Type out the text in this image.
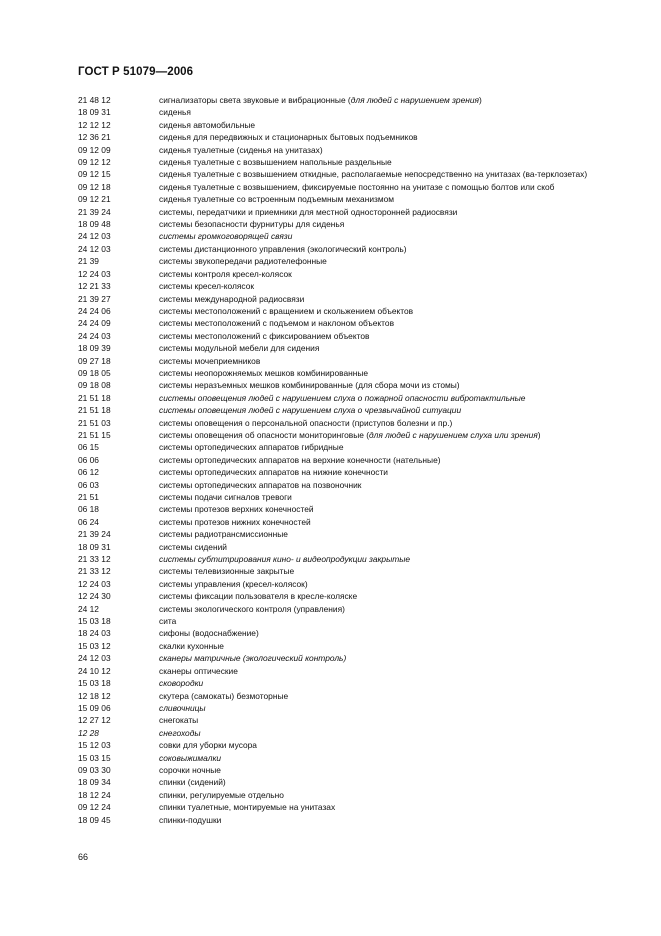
ГОСТ Р 51079—2006
21 48 12	сигнализаторы света звуковые и вибрационные (для людей с нарушением зрения)
18 09 31	сиденья
12 12 12	сиденья автомобильные
12 36 21	сиденья для передвижных и стационарных бытовых подъемников
09 12 09	сиденья туалетные (сиденья на унитазах)
09 12 12	сиденья туалетные с возвышением напольные раздельные
09 12 15	сиденья туалетные с возвышением откидные, располагаемые непосредственно на унитазах (ва-терклозетах)
09 12 18	сиденья туалетные с возвышением, фиксируемые постоянно на унитазе с помощью болтов или скоб
09 12 21	сиденья туалетные со встроенным подъемным механизмом
21 39 24	системы, передатчики и приемники для местной односторонней радиосвязи
18 09 48	системы безопасности фурнитуры для сиденья
24 12 03	системы громкоговорящей связи
24 12 03	системы дистанционного управления (экологический контроль)
21 39	системы звукопередачи радиотелефонные
12 24 03	системы контроля кресел-колясок
12 21 33	системы кресел-колясок
21 39 27	системы международной радиосвязи
24 24 06	системы местоположений с вращением и скольжением объектов
24 24 09	системы местоположений с подъемом и наклоном объектов
24 24 03	системы местоположений с фиксированием объектов
18 09 39	системы модульной мебели для сидения
09 27 18	системы мочеприемников
09 18 05	системы неопорожняемых мешков комбинированные
09 18 08	системы неразъемных мешков комбинированные (для сбора мочи из стомы)
21 51 18	системы оповещения людей с нарушением слуха о пожарной опасности вибротактильные
21 51 18	системы оповещения людей с нарушением слуха о чрезвычайной ситуации
21 51 03	системы оповещения о персональной опасности (приступов болезни и пр.)
21 51 15	системы оповещения об опасности мониторинговые (для людей с нарушением слуха или зрения)
06 15	системы ортопедических аппаратов гибридные
06 06	системы ортопедических аппаратов на верхние конечности (нательные)
06 12	системы ортопедических аппаратов на нижние конечности
06 03	системы ортопедических аппаратов на позвоночник
21 51	системы подачи сигналов тревоги
06 18	системы протезов верхних конечностей
06 24	системы протезов нижних конечностей
21 39 24	системы радиотрансмиссионные
18 09 31	системы сидений
21 33 12	системы субтитрирования кино- и видеопродукции закрытые
21 33 12	системы телевизионные закрытые
12 24 03	системы управления (кресел-колясок)
12 24 30	системы фиксации пользователя в кресле-коляске
24 12	системы экологического контроля (управления)
15 03 18	сита
18 24 03	сифоны (водоснабжение)
15 03 12	скалки кухонные
24 12 03	сканеры матричные (экологический контроль)
24 10 12	сканеры оптические
15 03 18	сковородки
12 18 12	скутера (самокаты) безмоторные
15 09 06	сливочницы
12 27 12	снегокаты
12 28	снегоходы
15 12 03	совки для уборки мусора
15 03 15	соковыжималки
09 03 30	сорочки ночные
18 09 34	спинки (сидений)
18 12 24	спинки, регулируемые отдельно
09 12 24	спинки туалетные, монтируемые на унитазах
18 09 45	спинки-подушки
66
